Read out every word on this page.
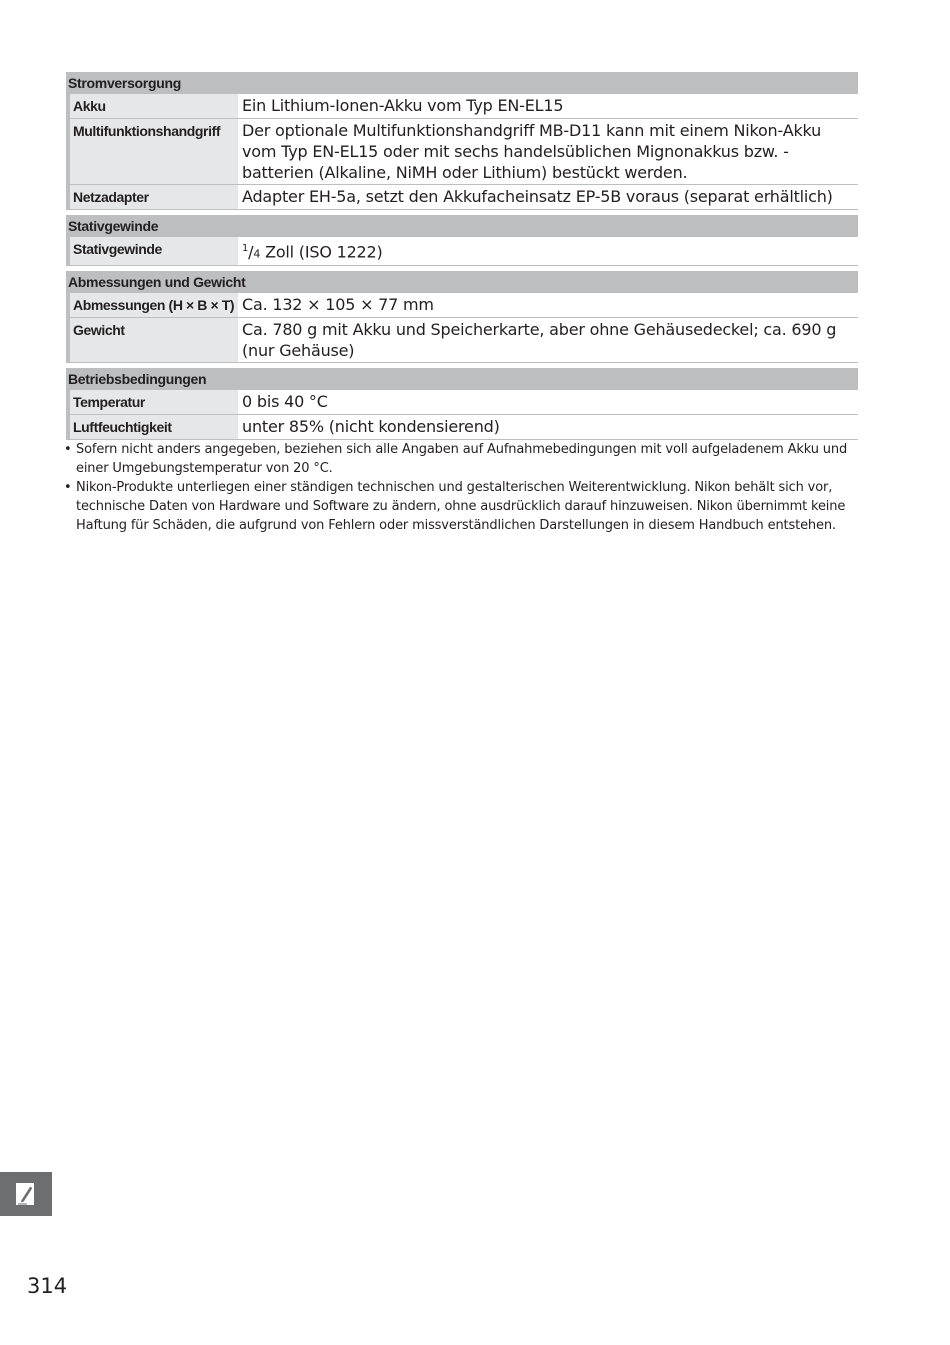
Stromversorgung
Akku	Ein Lithium-Ionen-Akku vom Typ EN-EL15
Multifunktionshandgriff	Der optionale Multifunktionshandgriff MB-D11 kann mit einem Nikon-Akku vom Typ EN-EL15 oder mit sechs handelsüblichen Mignonakkus bzw. -batterien (Alkaline, NiMH oder Lithium) bestückt werden.
Netzadapter	Adapter EH-5a, setzt den Akkufacheinsatz EP-5B voraus (separat erhältlich)
Stativgewinde
Stativgewinde	$^1$/4 Zoll (ISO 1222)
Abmessungen und Gewicht
Abmessungen (H × B × T) Ca. 132 × 105 × 77 mm
Gewicht	Ca. 780 g mit Akku und Speicherkarte, aber ohne Gehäusedeckel; ca. 690 g (nur Gehäuse)
Betriebsbedingungen
Temperatur	0 bis 40 °C
Luftfeuchtigkeit	unter 85% (nicht kondensierend)
• Sofern nicht anders angegeben, beziehen sich alle Angaben auf Aufnahmebedingungen mit voll aufgeladenem Akku und einer Umgebungstemperatur von 20 °C.
• Nikon-Produkte unterliegen einer ständigen technischen und gestalterischen Weiterentwicklung. Nikon behält sich vor, technische Daten von Hardware und Software zu ändern, ohne ausdrücklich darauf hinzuweisen. Nikon übernimmt keine Haftung für Schäden, die aufgrund von Fehlern oder missverständlichen Darstellungen in diesem Handbuch entstehen.
314
